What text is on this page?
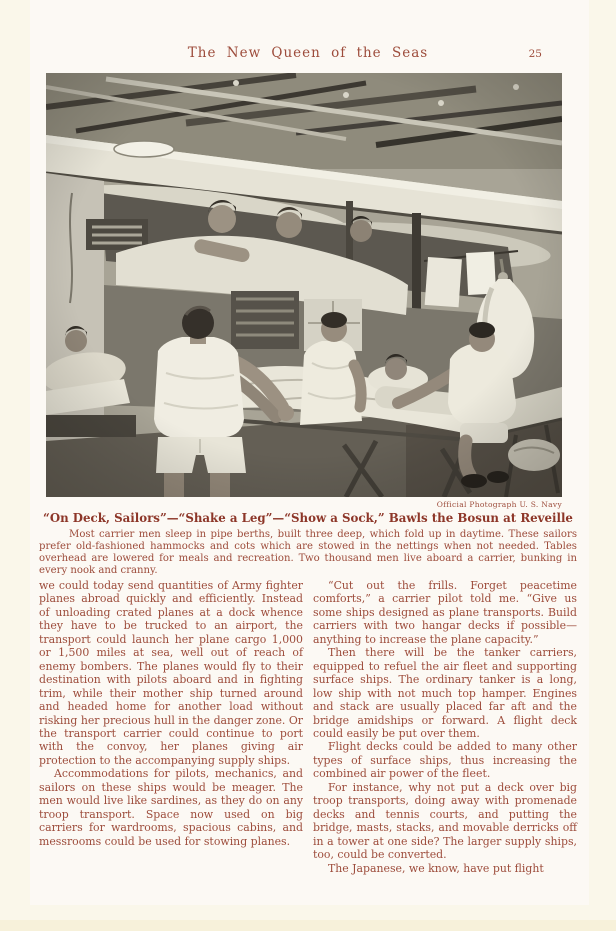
The New Queen of the Seas	25
Official Photograph U. S. Navy
“On Deck, Sailors”—“Shake a Leg”—“Show a Sock,” Bawls the Bosun at Reveille
Most carrier men sleep in pipe berths, built three deep, which fold up in daytime. These sailors prefer old-fashioned hammocks and cots which are stowed in the nettings when not needed. Tables overhead are lowered for meals and recreation. Two thousand men live aboard a carrier, bunking in every nook and cranny.

we could today send quantities of Army fighter planes abroad quickly and efficiently. Instead of unloading crated planes at a dock whence they have to be trucked to an airport, the transport could launch her plane cargo 1,000 or 1,500 miles at sea, well out of reach of enemy bombers. The planes would fly to their destination with pilots aboard and in fighting trim, while their mother ship turned around and headed home for another load without risking her precious hull in the danger zone. Or the transport carrier could continue to port with the convoy, her planes giving air protection to the accompanying supply ships.

Accommodations for pilots, mechanics, and sailors on these ships would be meager. The men would live like sardines, as they do on any troop transport. Space now used on big carriers for wardrooms, spacious cabins, and messrooms could be used for stowing planes.

“Cut out the frills. Forget peacetime comforts,” a carrier pilot told me. “Give us some ships designed as plane transports. Build carriers with two hangar decks if possible—anything to increase the plane capacity.”

Then there will be the tanker carriers, equipped to refuel the air fleet and supporting surface ships. The ordinary tanker is a long, low ship with not much top hamper. Engines and stack are usually placed far aft and the bridge amidships or forward. A flight deck could easily be put over them.

Flight decks could be added to many other types of surface ships, thus increasing the combined air power of the fleet.

For instance, why not put a deck over big troop transports, doing away with promenade decks and tennis courts, and putting the bridge, masts, stacks, and movable derricks off in a tower at one side? The larger supply ships, too, could be converted.

The Japanese, we know, have put flight
